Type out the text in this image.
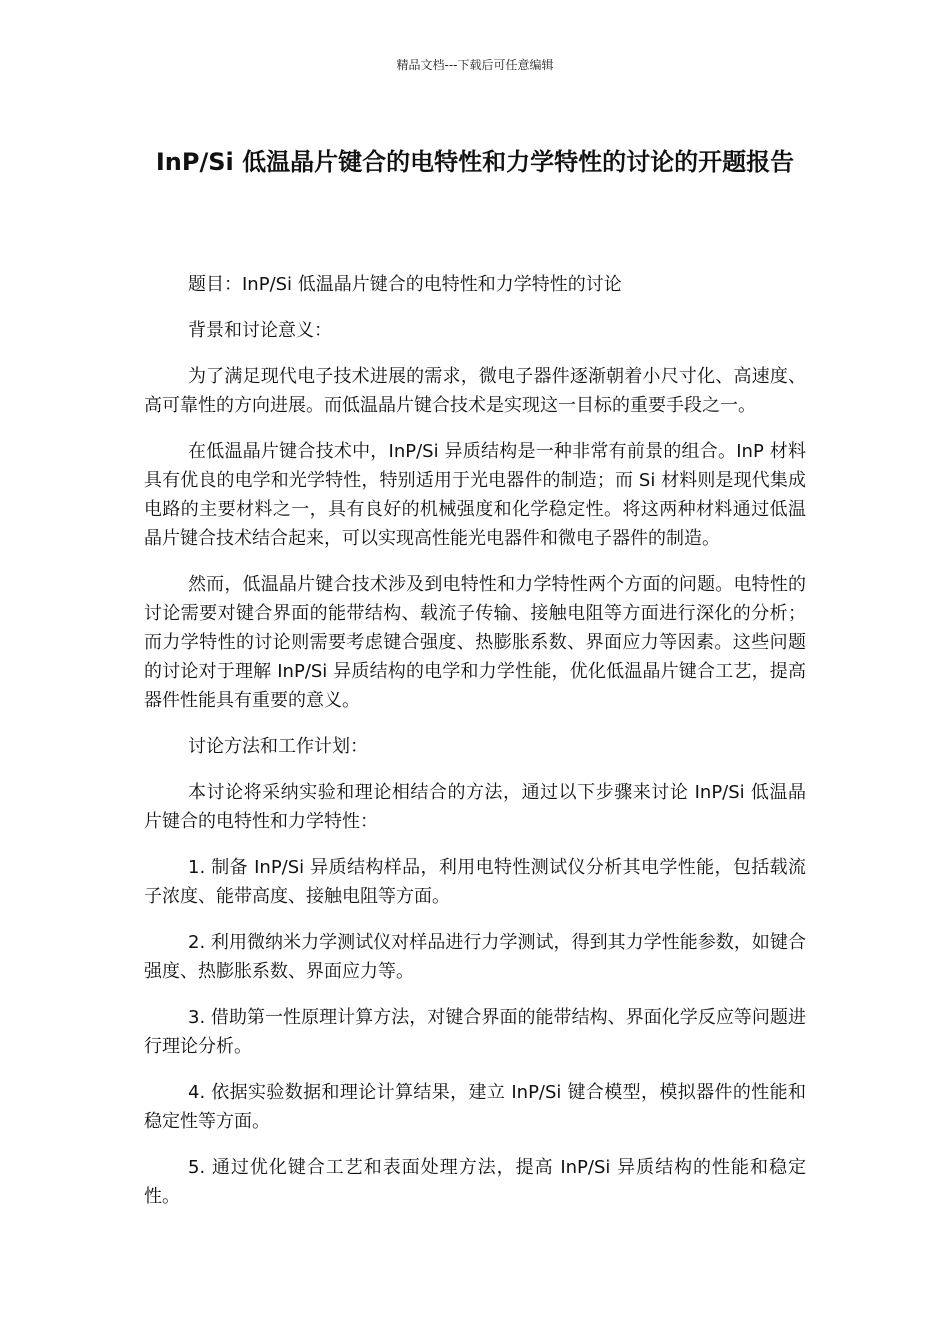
精品文档---下载后可任意编辑
InP/Si 低温晶片键合的电特性和力学特性的讨论的开题报告

题目：InP/Si 低温晶片键合的电特性和力学特性的讨论

背景和讨论意义：

为了满足现代电子技术进展的需求，微电子器件逐渐朝着小尺寸化、高速度、高可靠性的方向进展。而低温晶片键合技术是实现这一目标的重要手段之一。

在低温晶片键合技术中，InP/Si 异质结构是一种非常有前景的组合。InP 材料具有优良的电学和光学特性，特别适用于光电器件的制造；而 Si 材料则是现代集成电路的主要材料之一，具有良好的机械强度和化学稳定性。将这两种材料通过低温晶片键合技术结合起来，可以实现高性能光电器件和微电子器件的制造。

然而，低温晶片键合技术涉及到电特性和力学特性两个方面的问题。电特性的讨论需要对键合界面的能带结构、载流子传输、接触电阻等方面进行深化的分析；而力学特性的讨论则需要考虑键合强度、热膨胀系数、界面应力等因素。这些问题的讨论对于理解 InP/Si 异质结构的电学和力学性能，优化低温晶片键合工艺，提高器件性能具有重要的意义。

讨论方法和工作计划：

本讨论将采纳实验和理论相结合的方法，通过以下步骤来讨论 InP/Si 低温晶片键合的电特性和力学特性：

1. 制备 InP/Si 异质结构样品，利用电特性测试仪分析其电学性能，包括载流子浓度、能带高度、接触电阻等方面。

2. 利用微纳米力学测试仪对样品进行力学测试，得到其力学性能参数，如键合强度、热膨胀系数、界面应力等。

3. 借助第一性原理计算方法，对键合界面的能带结构、界面化学反应等问题进行理论分析。

4. 依据实验数据和理论计算结果，建立 InP/Si 键合模型，模拟器件的性能和稳定性等方面。

5. 通过优化键合工艺和表面处理方法，提高 InP/Si 异质结构的性能和稳定性。
